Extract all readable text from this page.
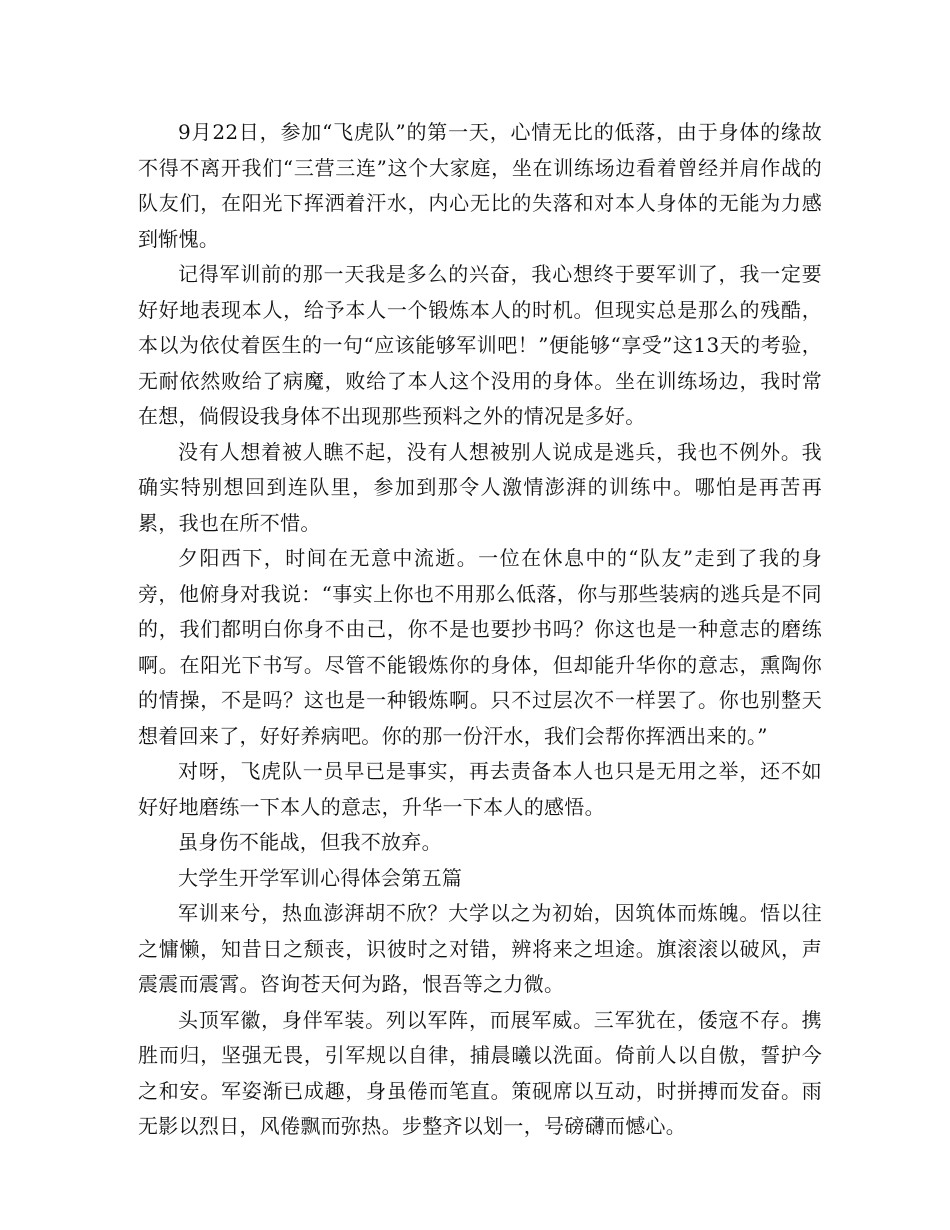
9月22日，参加“飞虎队”的第一天，心情无比的低落，由于身体的缘故不得不离开我们“三营三连”这个大家庭，坐在训练场边看着曾经并肩作战的队友们，在阳光下挥洒着汗水，内心无比的失落和对本人身体的无能为力感到惭愧。

记得军训前的那一天我是多么的兴奋，我心想终于要军训了，我一定要好好地表现本人，给予本人一个锻炼本人的时机。但现实总是那么的残酷，本以为依仗着医生的一句“应该能够军训吧！”便能够“享受”这13天的考验，无耐依然败给了病魔，败给了本人这个没用的身体。坐在训练场边，我时常在想，倘假设我身体不出现那些预料之外的情况是多好。

没有人想着被人瞧不起，没有人想被别人说成是逃兵，我也不例外。我确实特别想回到连队里，参加到那令人激情澎湃的训练中。哪怕是再苦再累，我也在所不惜。

夕阳西下，时间在无意中流逝。一位在休息中的“队友”走到了我的身旁，他俯身对我说：“事实上你也不用那么低落，你与那些装病的逃兵是不同的，我们都明白你身不由己，你不是也要抄书吗？你这也是一种意志的磨练啊。在阳光下书写。尽管不能锻炼你的身体，但却能升华你的意志，熏陶你的情操，不是吗？这也是一种锻炼啊。只不过层次不一样罢了。你也别整天想着回来了，好好养病吧。你的那一份汗水，我们会帮你挥洒出来的。”

对呀，飞虎队一员早已是事实，再去责备本人也只是无用之举，还不如好好地磨练一下本人的意志，升华一下本人的感悟。

虽身伤不能战，但我不放弃。

大学生开学军训心得体会第五篇

军训来兮，热血澎湃胡不欣？大学以之为初始，因筑体而炼魄。悟以往之慵懒，知昔日之颓丧，识彼时之对错，辨将来之坦途。旗滚滚以破风，声震震而震霄。咨询苍天何为路，恨吾等之力微。

头顶军徽，身伴军装。列以军阵，而展军威。三军犹在，倭寇不存。携胜而归，坚强无畏，引军规以自律，捕晨曦以洗面。倚前人以自傲，誓护今之和安。军姿渐已成趣，身虽倦而笔直。策砚席以互动，时拼搏而发奋。雨无影以烈日，风倦飘而弥热。步整齐以划一，号磅礴而憾心。
